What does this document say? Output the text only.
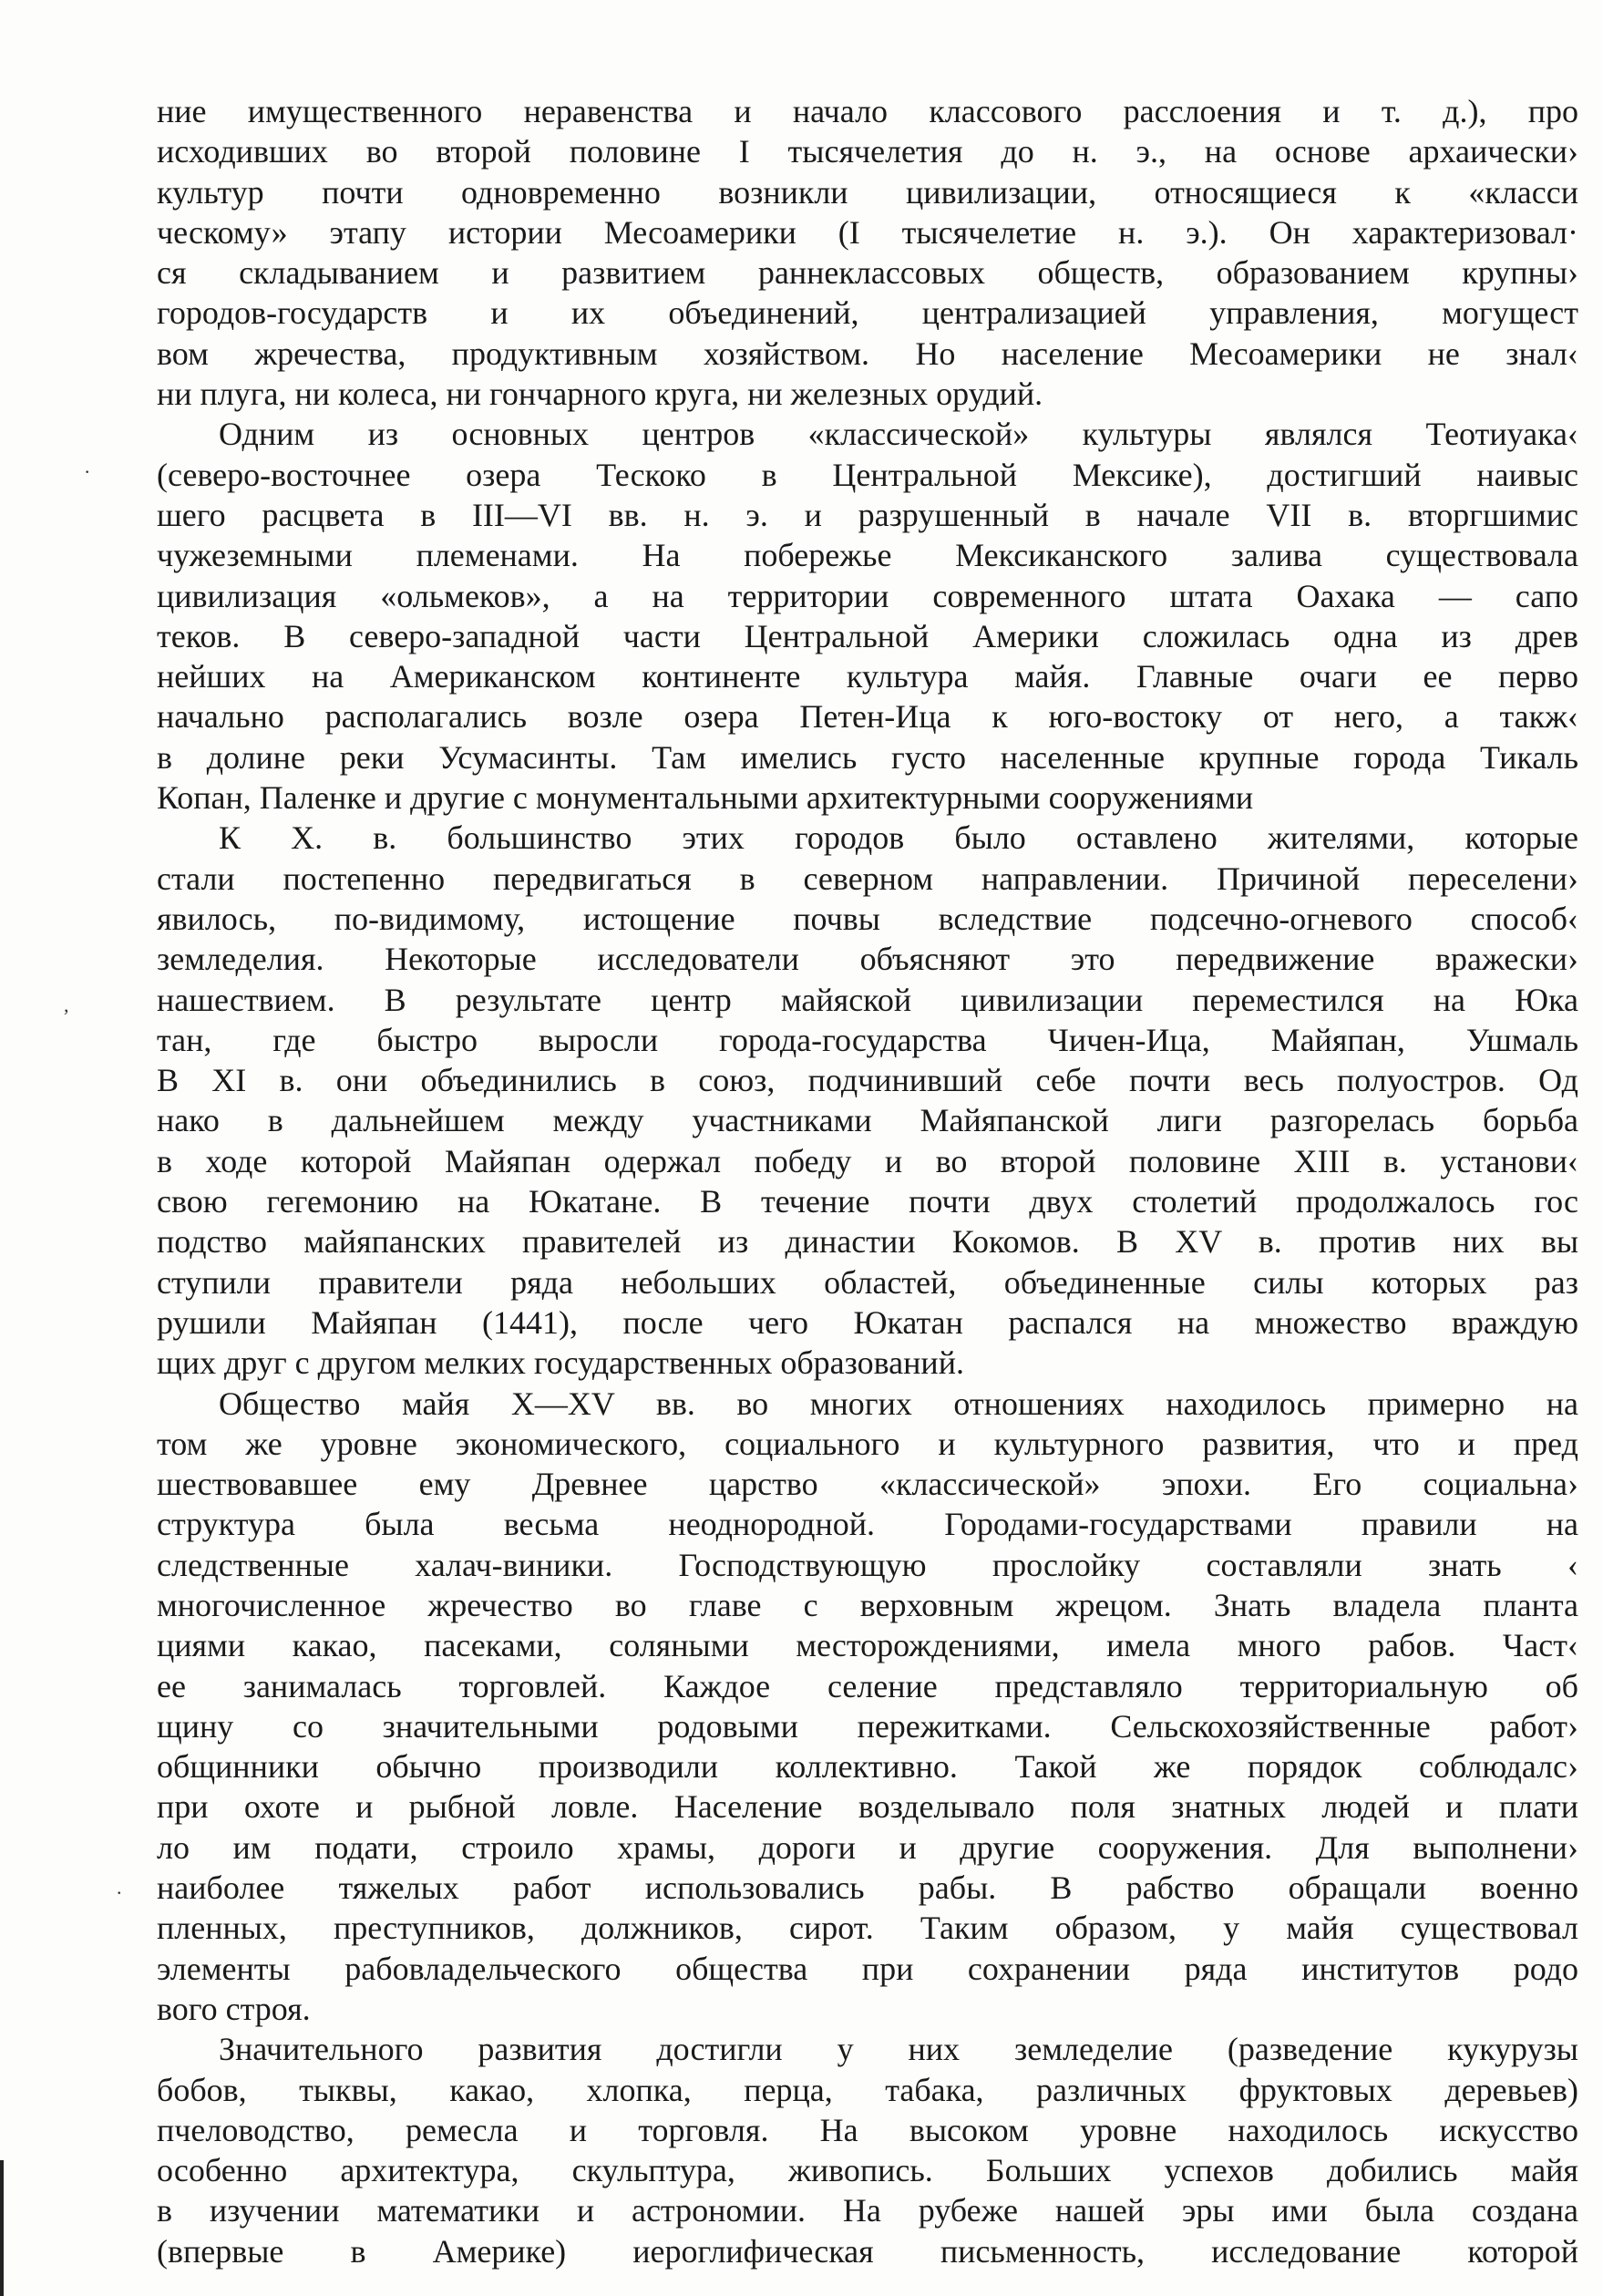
ние имущественного неравенства и начало классового расслоения и т. д.), про
исходивших во второй половине I тысячелетия до н. э., на основе архаически›
культур почти одновременно возникли цивилизации, относящиеся к «класси
ческому» этапу истории Месоамерики (I тысячелетие н. э.). Он характеризовал·
ся складыванием и развитием раннеклассовых обществ, образованием крупны›
городов-государств и их объединений, централизацией управления, могущест
вом жречества, продуктивным хозяйством. Но население Месоамерики не знал‹
ни плуга, ни колеса, ни гончарного круга, ни железных орудий.
Одним из основных центров «классической» культуры являлся Теотиуака‹
(северо-восточнее озера Тескоко в Центральной Мексике), достигший наивыс
шего расцвета в III—VI вв. н. э. и разрушенный в начале VII в. вторгшимис
чужеземными племенами. На побережье Мексиканского залива существовала
цивилизация «ольмеков», а на территории современного штата Оахака — сапо
теков. В северо-западной части Центральной Америки сложилась одна из древ
нейших на Американском континенте культура майя. Главные очаги ее перво
начально располагались возле озера Петен-Ица к юго-востоку от него, а такж‹
в долине реки Усумасинты. Там имелись густо населенные крупные города Тикаль
Копан, Паленке и другие с монументальными архитектурными сооружениями
К X. в. большинство этих городов было оставлено жителями, которые
стали постепенно передвигаться в северном направлении. Причиной переселени›
явилось, по-видимому, истощение почвы вследствие подсечно-огневого способ‹
земледелия. Некоторые исследователи объясняют это передвижение вражески›
нашествием. В результате центр майяской цивилизации переместился на Юка
тан, где быстро выросли города-государства Чичен-Ица, Майяпан, Ушмаль
В XI в. они объединились в союз, подчинивший себе почти весь полуостров. Од
нако в дальнейшем между участниками Майяпанской лиги разгорелась борьба
в ходе которой Майяпан одержал победу и во второй половине XIII в. установи‹
свою гегемонию на Юкатане. В течение почти двух столетий продолжалось гос
подство майяпанских правителей из династии Кокомов. В XV в. против них вы
ступили правители ряда небольших областей, объединенные силы которых раз
рушили Майяпан (1441), после чего Юкатан распался на множество враждую
щих друг с другом мелких государственных образований.
Общество майя X—XV вв. во многих отношениях находилось примерно на
том же уровне экономического, социального и культурного развития, что и пред
шествовавшее ему Древнее царство «классической» эпохи. Его социальна›
структура была весьма неоднородной. Городами-государствами правили на
следственные халач-виники. Господствующую прослойку составляли знать ‹
многочисленное жречество во главе с верховным жрецом. Знать владела планта
циями какао, пасеками, соляными месторождениями, имела много рабов. Част‹
ее занималась торговлей. Каждое селение представляло территориальную об
щину со значительными родовыми пережитками. Сельскохозяйственные работ›
общинники обычно производили коллективно. Такой же порядок соблюдалс›
при охоте и рыбной ловле. Население возделывало поля знатных людей и плати
ло им подати, строило храмы, дороги и другие сооружения. Для выполнени›
наиболее тяжелых работ использовались рабы. В рабство обращали военно
пленных, преступников, должников, сирот. Таким образом, у майя существовал
элементы рабовладельческого общества при сохранении ряда институтов родо
вого строя.
Значительного развития достигли у них земледелие (разведение кукурузы
бобов, тыквы, какао, хлопка, перца, табака, различных фруктовых деревьев)
пчеловодство, ремесла и торговля. На высоком уровне находилось искусство
особенно архитектура, скульптура, живопись. Больших успехов добились майя
в изучении математики и астрономии. На рубеже нашей эры ими была создана
(впервые в Америке) иероглифическая письменность, исследование которой
·
,
.
